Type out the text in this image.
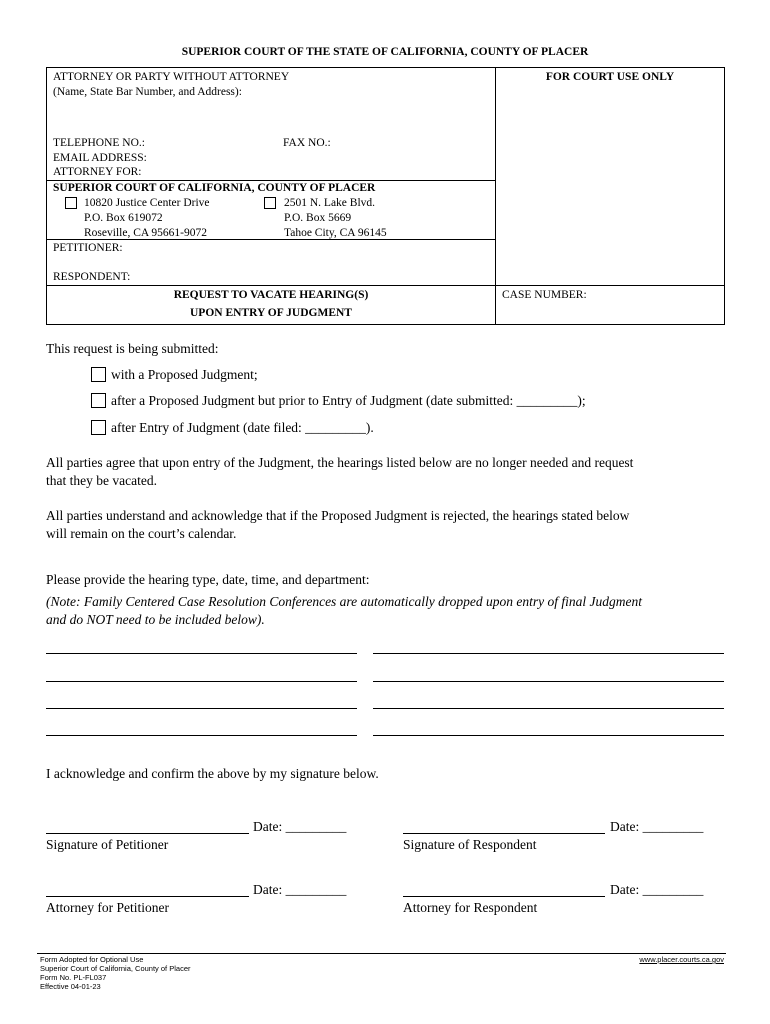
SUPERIOR COURT OF THE STATE OF CALIFORNIA, COUNTY OF PLACER
ATTORNEY OR PARTY WITHOUT ATTORNEY
(Name, State Bar Number, and Address):
FOR COURT USE ONLY
TELEPHONE NO.:	FAX NO.:
EMAIL ADDRESS:
ATTORNEY FOR:
SUPERIOR COURT OF CALIFORNIA, COUNTY OF PLACER
10820 Justice Center Drive
P.O. Box 619072
Roseville, CA 95661-9072
2501 N. Lake Blvd.
P.O. Box 5669
Tahoe City, CA 96145
PETITIONER:
RESPONDENT:
REQUEST TO VACATE HEARING(S)
UPON ENTRY OF JUDGMENT
CASE NUMBER:
This request is being submitted:
with a Proposed Judgment;
after a Proposed Judgment but prior to Entry of Judgment (date submitted: _________);
after Entry of Judgment (date filed: _________).
All parties agree that upon entry of the Judgment, the hearings listed below are no longer needed and request
that they be vacated.
All parties understand and acknowledge that if the Proposed Judgment is rejected, the hearings stated below
will remain on the court’s calendar.
Please provide the hearing type, date, time, and department:
(Note: Family Centered Case Resolution Conferences are automatically dropped upon entry of final Judgment
and do NOT need to be included below).
I acknowledge and confirm the above by my signature below.
Date: _________
Signature of Petitioner
Date: _________
Signature of Respondent
Date: _________
Attorney for Petitioner
Date: _________
Attorney for Respondent
Form Adopted for Optional Use
Superior Court of California, County of Placer
Form No. PL-FL037
Effective 04-01-23
www.placer.courts.ca.gov
